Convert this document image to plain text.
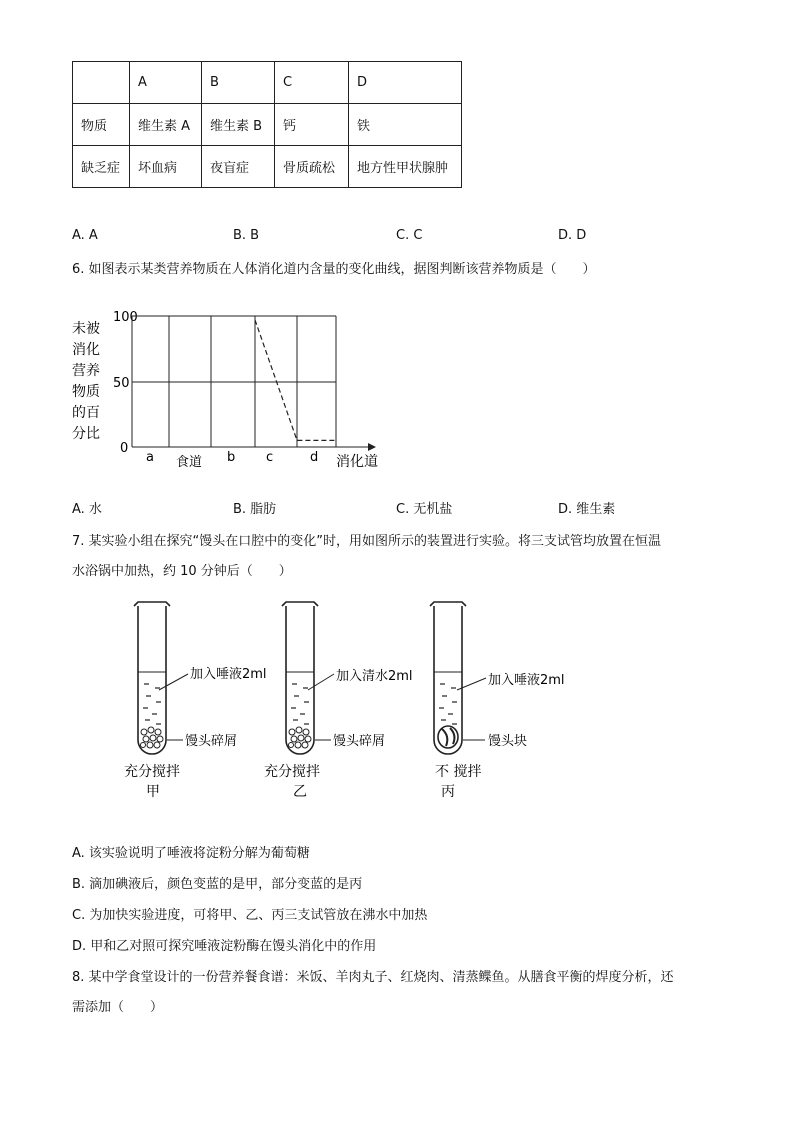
	A	B	C	D
物质	维生素 A	维生素 B	钙	铁
缺乏症	坏血病	夜盲症	骨质疏松	地方性甲状腺肿
A. A	B. B	C. C	D. D
6. 如图表示某类营养物质在人体消化道内含量的变化曲线，据图判断该营养物质是（　　）
未被
消化
营养
物质
的百
分比
100
50
0
a 食道 b c	d 消化道
A. 水	B. 脂肪	C. 无机盐	D. 维生素
7. 某实验小组在探究“馒头在口腔中的变化”时，用如图所示的装置进行实验。将三支试管均放置在恒温
水浴锅中加热，约 10 分钟后（　　）
加入唾液2ml
馒头碎屑
充分搅拌
甲
加入清水2ml
馒头碎屑
充分搅拌
乙
加入唾液2ml
馒头块
不 搅拌
丙
A. 该实验说明了唾液将淀粉分解为葡萄糖
B. 滴加碘液后，颜色变蓝的是甲，部分变蓝的是丙
C. 为加快实验进度，可将甲、乙、丙三支试管放在沸水中加热
D. 甲和乙对照可探究唾液淀粉酶在馒头消化中的作用
8. 某中学食堂设计的一份营养餐食谱：米饭、羊肉丸子、红烧肉、清蒸鲽鱼。从膳食平衡的焊度分析，还
需添加（　　）
